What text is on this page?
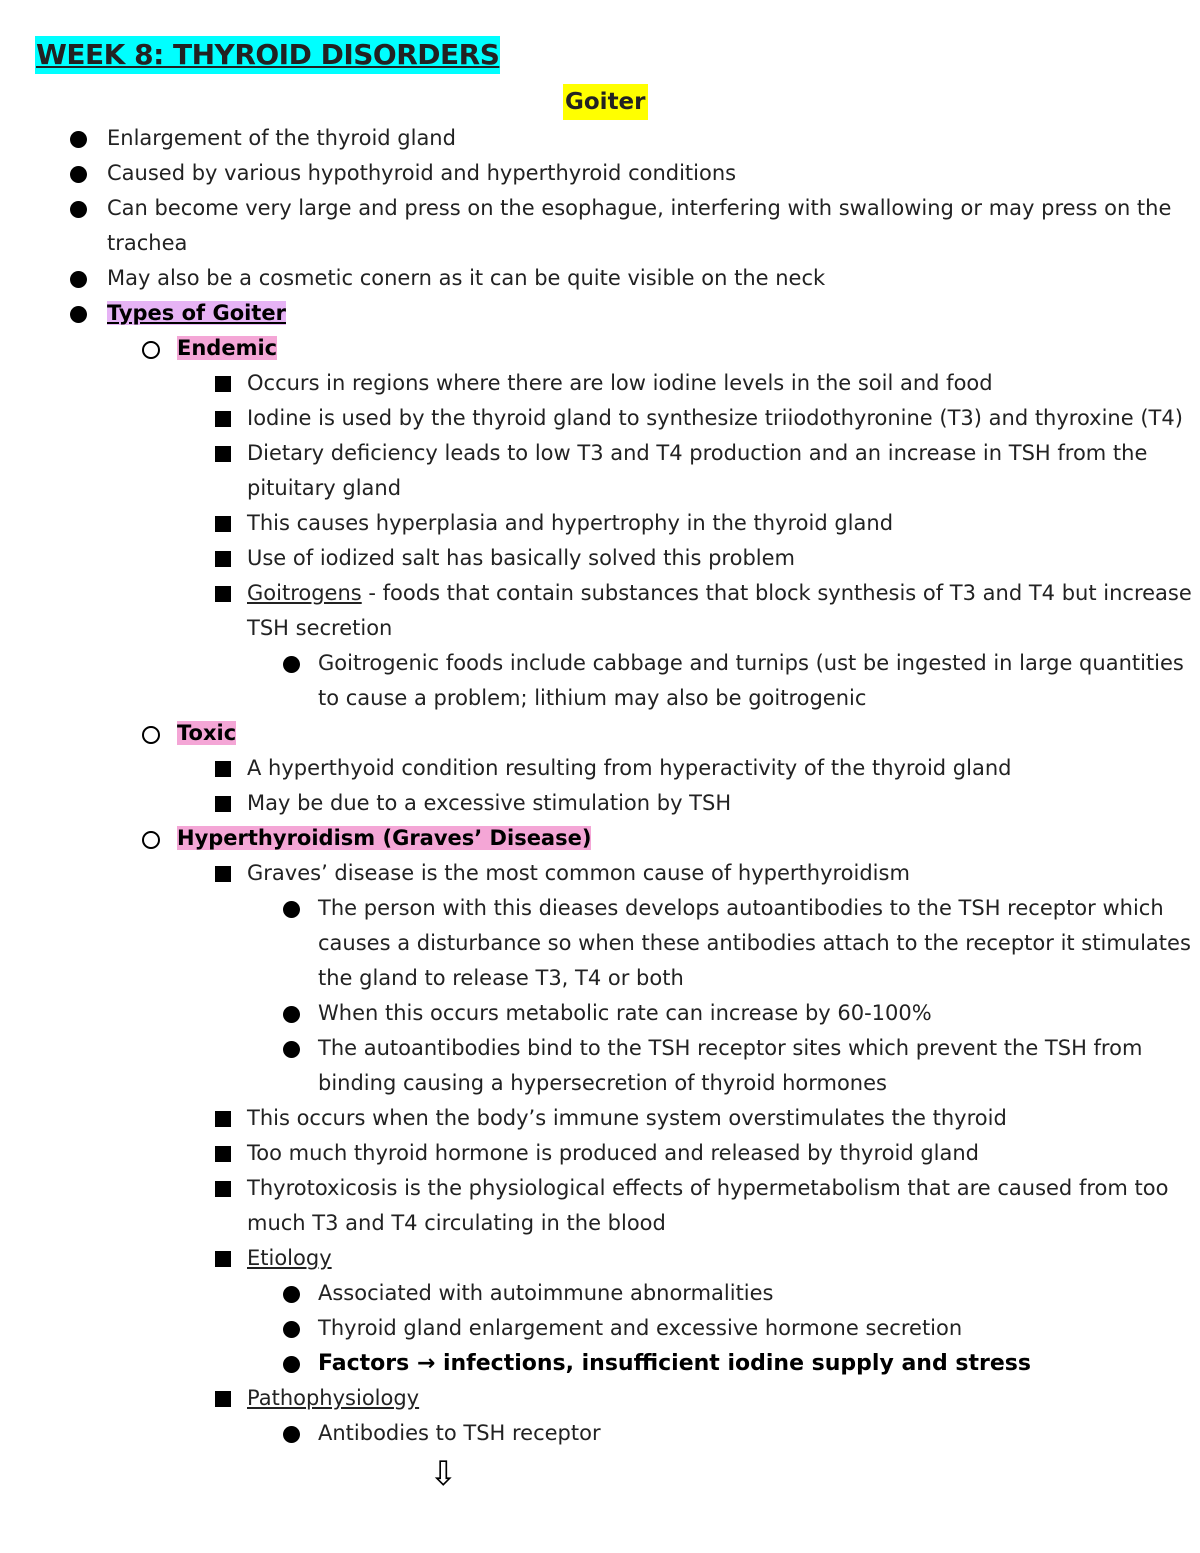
WEEK 8: THYROID DISORDERS
Goiter
Enlargement of the thyroid gland
Caused by various hypothyroid and hyperthyroid conditions
Can become very large and press on the esophague, interfering with swallowing or may press on the
trachea
May also be a cosmetic conern as it can be quite visible on the neck
Types of Goiter
Endemic
Occurs in regions where there are low iodine levels in the soil and food
Iodine is used by the thyroid gland to synthesize triiodothyronine (T3) and thyroxine (T4)
Dietary deficiency leads to low T3 and T4 production and an increase in TSH from the
pituitary gland
This causes hyperplasia and hypertrophy in the thyroid gland
Use of iodized salt has basically solved this problem
Goitrogens - foods that contain substances that block synthesis of T3 and T4 but increase
TSH secretion
Goitrogenic foods include cabbage and turnips (ust be ingested in large quantities
to cause a problem; lithium may also be goitrogenic
Toxic
A hyperthyoid condition resulting from hyperactivity of the thyroid gland
May be due to a excessive stimulation by TSH
Hyperthyroidism (Graves’ Disease)
Graves’ disease is the most common cause of hyperthyroidism
The person with this dieases develops autoantibodies to the TSH receptor which
causes a disturbance so when these antibodies attach to the receptor it stimulates
the gland to release T3, T4 or both
When this occurs metabolic rate can increase by 60-100%
The autoantibodies bind to the TSH receptor sites which prevent the TSH from
binding causing a hypersecretion of thyroid hormones
This occurs when the body’s immune system overstimulates the thyroid
Too much thyroid hormone is produced and released by thyroid gland
Thyrotoxicosis is the physiological effects of hypermetabolism that are caused from too
much T3 and T4 circulating in the blood
Etiology
Associated with autoimmune abnormalities
Thyroid gland enlargement and excessive hormone secretion
Factors → infections, insufficient iodine supply and stress
Pathophysiology
Antibodies to TSH receptor
⇩
